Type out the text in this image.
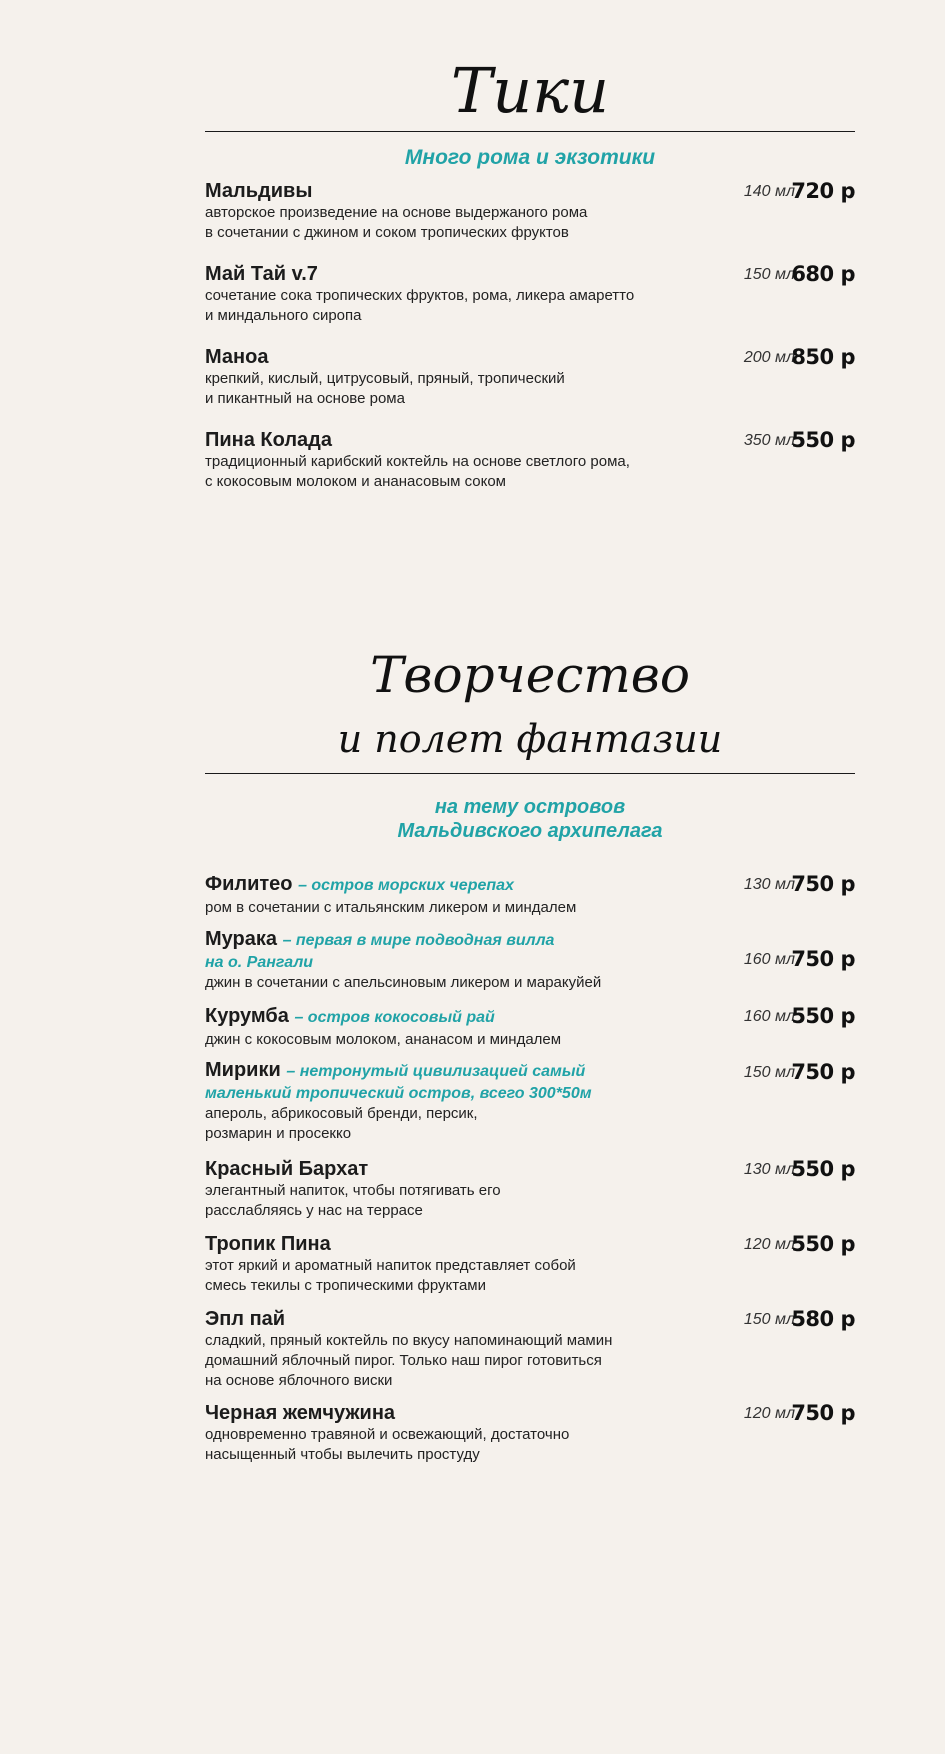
Тики
Много рома и экзотики
Мальдивы
авторское произведение на основе выдержаного рома
в сочетании с джином и соком тропических фруктов
140 мл
720 р
Май Тай v.7
сочетание сока тропических фруктов, рома, ликера амаретто
и миндального сиропа
150 мл
680 р
Маноа
крепкий, кислый, цитрусовый, пряный, тропический
и пикантный на основе рома
200 мл
850 р
Пина Колада
традиционный карибский коктейль на основе светлого рома,
с кокосовым молоком и ананасовым соком
350 мл
550 р
Творчество
и полет фантазии
на тему островов
Мальдивского архипелага
Филитео – остров морских черепах
ром в сочетании с итальянским ликером и миндалем
130 мл
750 р
Мурака – первая в мире подводная вилла
на о. Рангали
джин в сочетании с апельсиновым ликером и маракуйей
160 мл
750 р
Курумба – остров кокосовый рай
джин с кокосовым молоком, ананасом и миндалем
160 мл
550 р
Мирики – нетронутый цивилизацией самый
маленький тропический остров, всего 300*50м
апероль, абрикосовый бренди, персик,
розмарин и просекко
150 мл
750 р
Красный Бархат
элегантный напиток, чтобы потягивать его
расслабляясь у нас на террасе
130 мл
550 р
Тропик Пина
этот яркий и ароматный напиток представляет собой
смесь текилы с тропическими фруктами
120 мл
550 р
Эпл пай
сладкий, пряный коктейль по вкусу напоминающий мамин
домашний яблочный пирог. Только наш пирог готовиться
на основе яблочного виски
150 мл
580 р
Черная жемчужина
одновременно травяной и освежающий, достаточно
насыщенный чтобы вылечить простуду
120 мл
750 р
